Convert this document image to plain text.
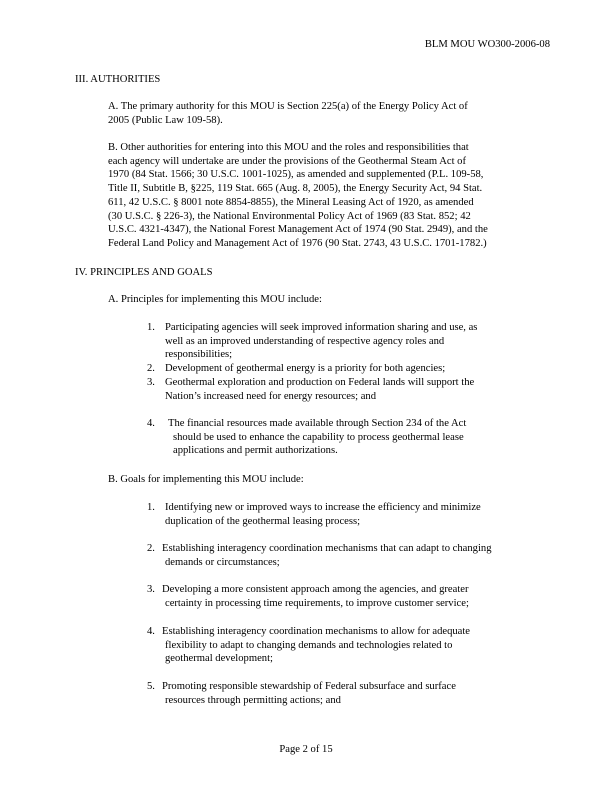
BLM MOU WO300-2006-08

III. AUTHORITIES

A. The primary authority for this MOU is Section 225(a) of the Energy Policy Act of
2005 (Public Law 109-58).
B. Other authorities for entering into this MOU and the roles and responsibilities that
each agency will undertake are under the provisions of the Geothermal Steam Act of
1970 (84 Stat. 1566; 30 U.S.C. 1001-1025), as amended and supplemented (P.L. 109-58,
Title II, Subtitle B, §225, 119 Stat. 665 (Aug. 8, 2005), the Energy Security Act, 94 Stat.
611, 42 U.S.C. § 8001 note 8854-8855), the Mineral Leasing Act of 1920, as amended
(30 U.S.C. § 226-3), the National Environmental Policy Act of 1969 (83 Stat. 852; 42
U.S.C. 4321-4347), the National Forest Management Act of 1974 (90 Stat. 2949), and the
Federal Land Policy and Management Act of 1976 (90 Stat. 2743, 43 U.S.C. 1701-1782.)

IV. PRINCIPLES AND GOALS

A. Principles for implementing this MOU include:

1. Participating agencies will seek improved information sharing and use, as
well as an improved understanding of respective agency roles and
responsibilities;
2. Development of geothermal energy is a priority for both agencies;
3. Geothermal exploration and production on Federal lands will support the
Nation’s increased need for energy resources; and
4. The financial resources made available through Section 234 of the Act
should be used to enhance the capability to process geothermal lease
applications and permit authorizations.

B. Goals for implementing this MOU include:

1. Identifying new or improved ways to increase the efficiency and minimize
duplication of the geothermal leasing process;
2. Establishing interagency coordination mechanisms that can adapt to changing
demands or circumstances;
3. Developing a more consistent approach among the agencies, and greater
certainty in processing time requirements, to improve customer service;
4. Establishing interagency coordination mechanisms to allow for adequate
flexibility to adapt to changing demands and technologies related to
geothermal development;
5. Promoting responsible stewardship of Federal subsurface and surface
resources through permitting actions; and

Page 2 of 15
